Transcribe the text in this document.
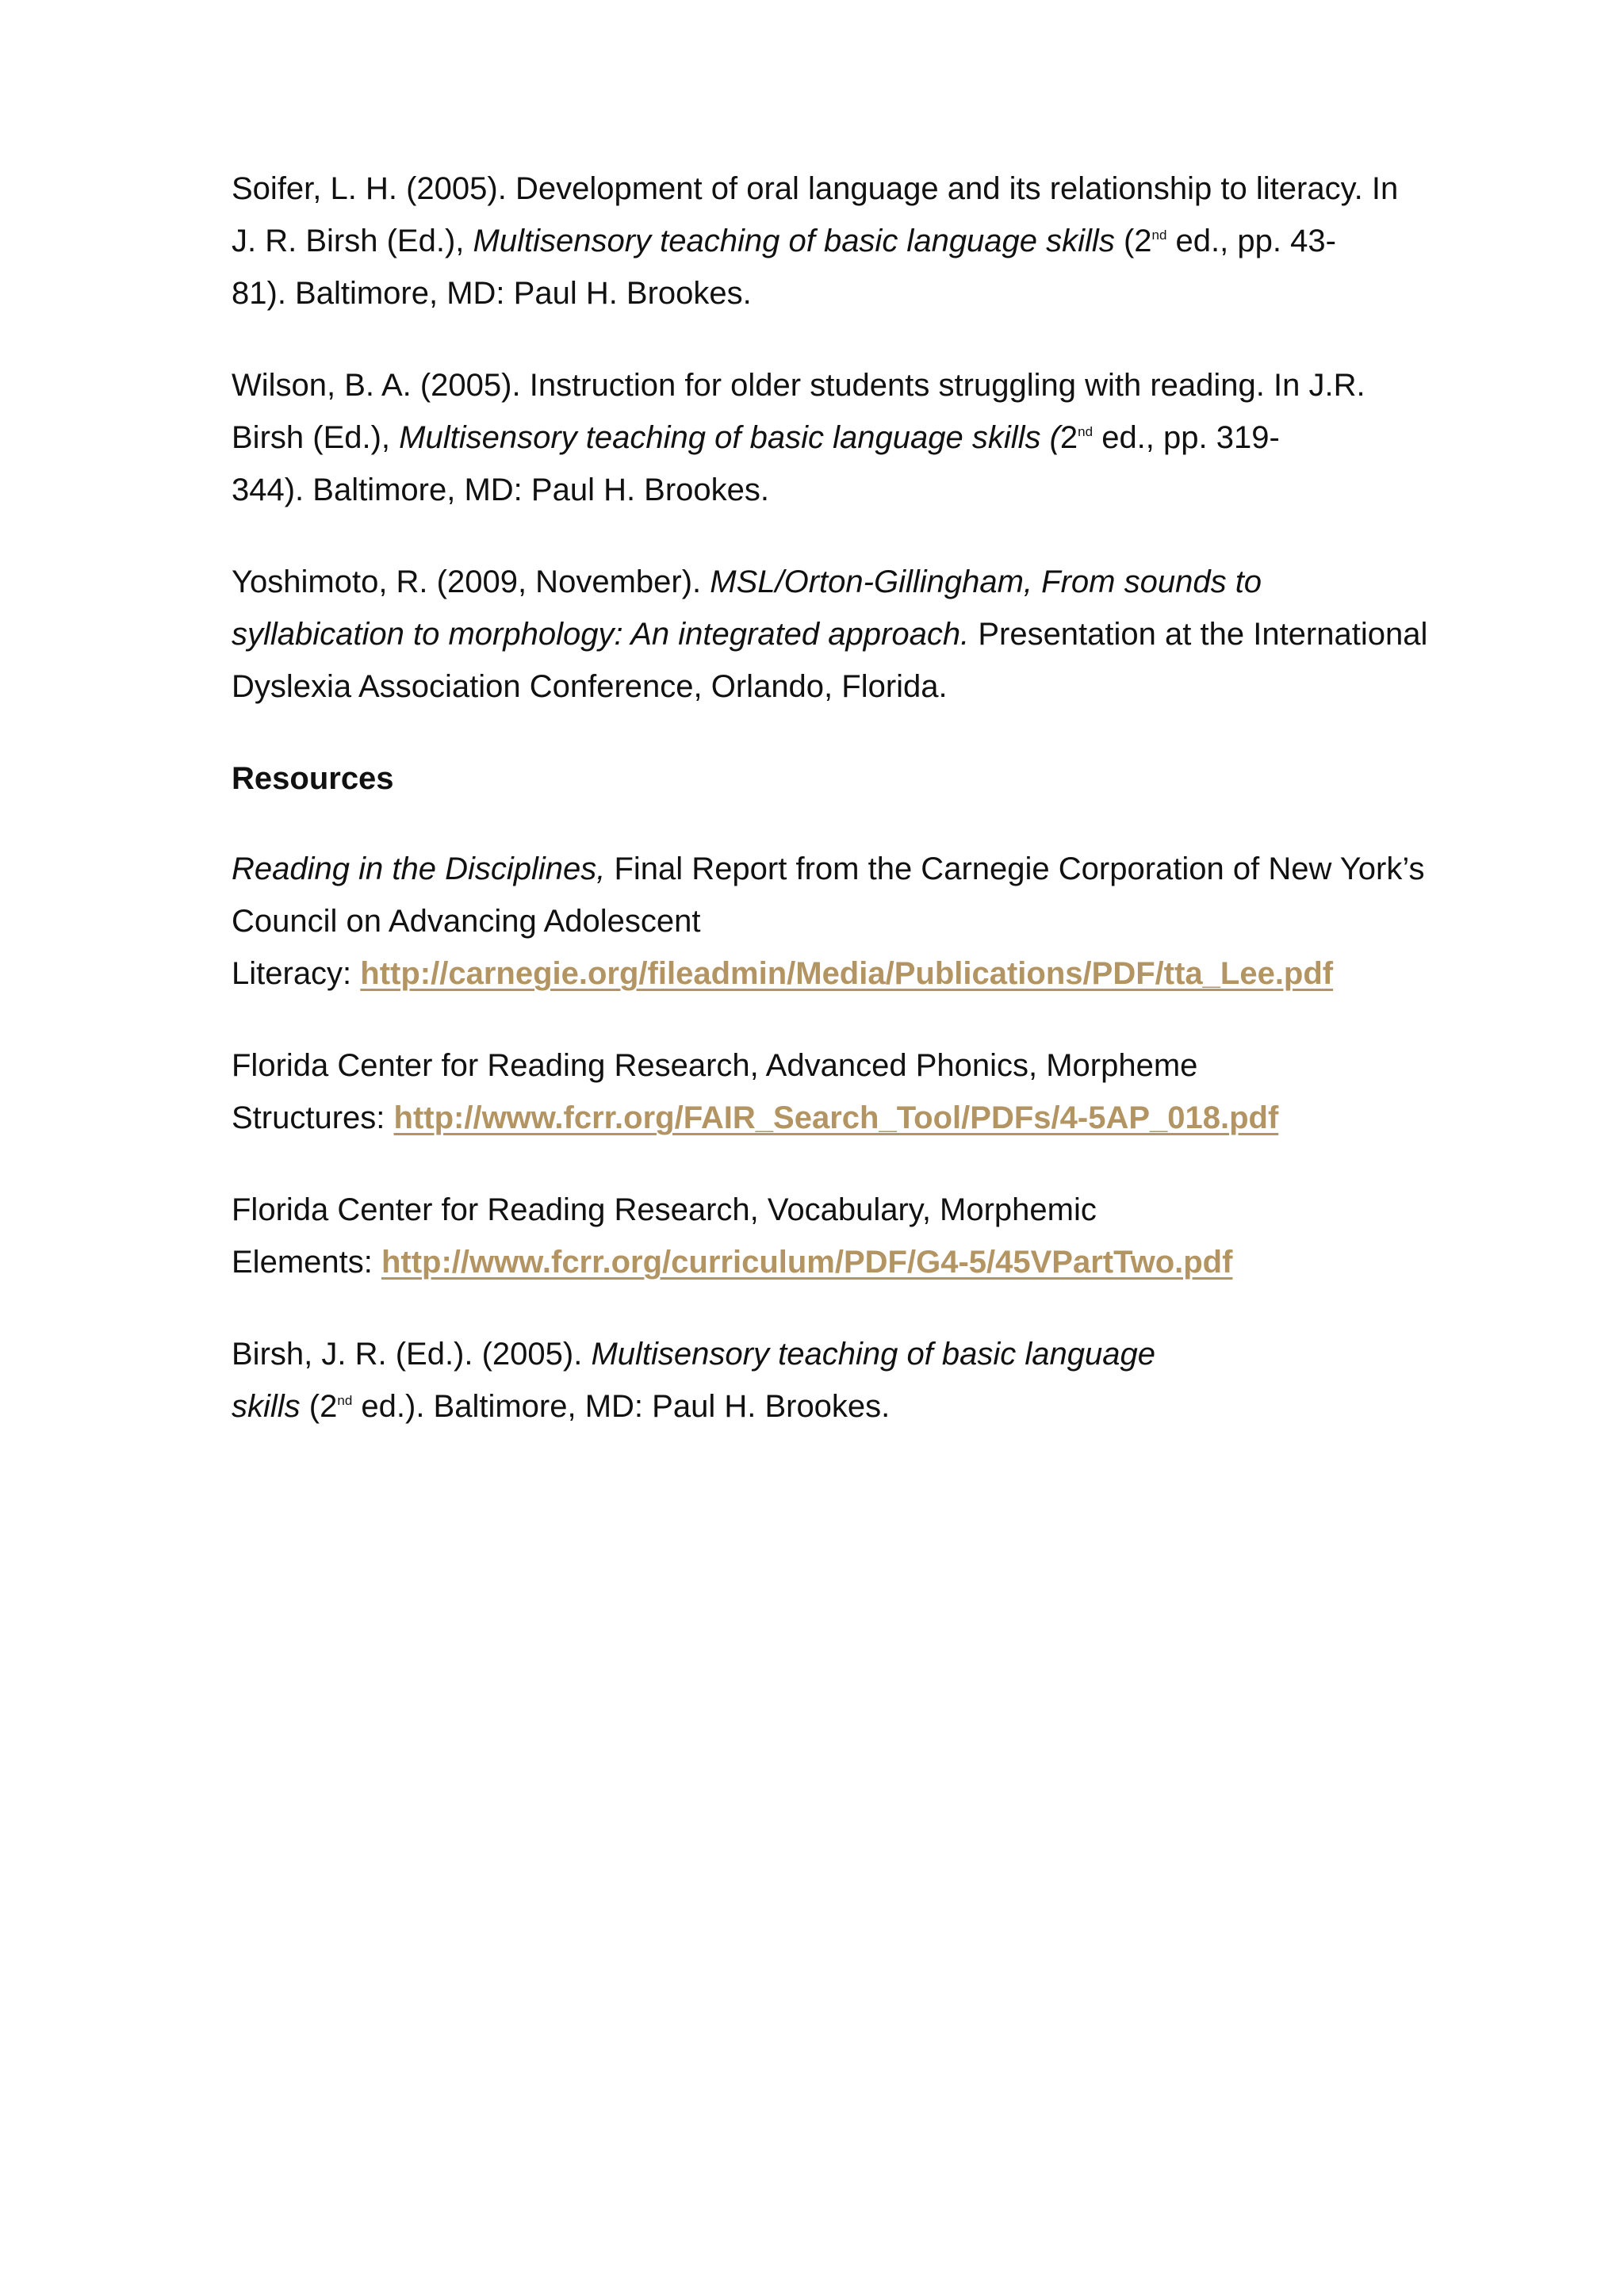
Soifer, L. H. (2005). Development of oral language and its relationship to literacy. In
J. R. Birsh (Ed.), Multisensory teaching of basic language skills (2nd ed., pp. 43-
81). Baltimore, MD: Paul H. Brookes.
Wilson, B. A. (2005). Instruction for older students struggling with reading. In J.R.
Birsh (Ed.), Multisensory teaching of basic language skills (2nd ed., pp. 319-
344). Baltimore, MD: Paul H. Brookes.
Yoshimoto, R. (2009, November). MSL/Orton-Gillingham, From sounds to
syllabication to morphology: An integrated approach. Presentation at the International
Dyslexia Association Conference, Orlando, Florida.
Resources
Reading in the Disciplines, Final Report from the Carnegie Corporation of New York’s
Council on Advancing Adolescent
Literacy: http://carnegie.org/fileadmin/Media/Publications/PDF/tta_Lee.pdf
Florida Center for Reading Research, Advanced Phonics, Morpheme
Structures: http://www.fcrr.org/FAIR_Search_Tool/PDFs/4-5AP_018.pdf
Florida Center for Reading Research, Vocabulary, Morphemic
Elements: http://www.fcrr.org/curriculum/PDF/G4-5/45VPartTwo.pdf
Birsh, J. R. (Ed.). (2005). Multisensory teaching of basic language
skills (2nd ed.). Baltimore, MD: Paul H. Brookes.
